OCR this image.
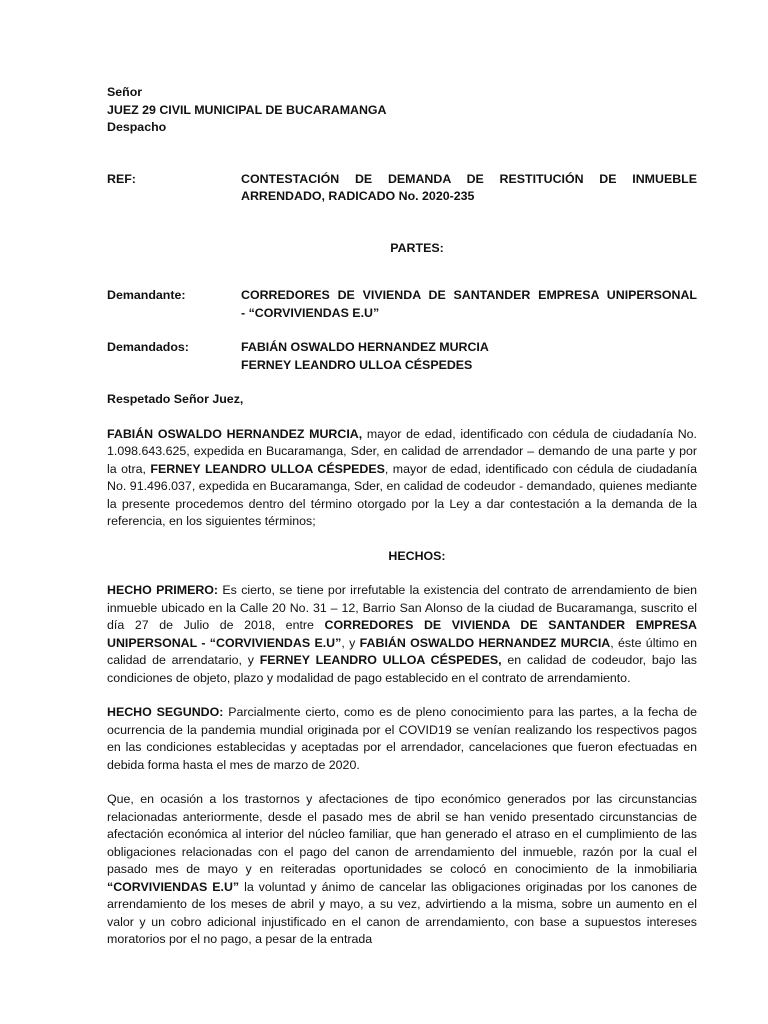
Señor
JUEZ 29 CIVIL MUNICIPAL DE BUCARAMANGA
Despacho
REF:	CONTESTACIÓN DE DEMANDA DE RESTITUCIÓN DE INMUEBLE
ARRENDADO, RADICADO No. 2020-235
PARTES:
Demandante:	CORREDORES DE VIVIENDA DE SANTANDER EMPRESA UNIPERSONAL
- “CORVIVIENDAS E.U”
Demandados:	FABIÁN OSWALDO HERNANDEZ MURCIA
FERNEY LEANDRO ULLOA CÉSPEDES
Respetado Señor Juez,

FABIÁN OSWALDO HERNANDEZ MURCIA, mayor de edad, identificado con cédula de ciudadanía No. 1.098.643.625, expedida en Bucaramanga, Sder, en calidad de arrendador – demando de una parte y por la otra, FERNEY LEANDRO ULLOA CÉSPEDES, mayor de edad, identificado con cédula de ciudadanía No. 91.496.037, expedida en Bucaramanga, Sder, en calidad de codeudor - demandado, quienes mediante la presente procedemos dentro del término otorgado por la Ley a dar contestación a la demanda de la referencia, en los siguientes términos;

HECHOS:

HECHO PRIMERO: Es cierto, se tiene por irrefutable la existencia del contrato de arrendamiento de bien inmueble ubicado en la Calle 20 No. 31 – 12, Barrio San Alonso de la ciudad de Bucaramanga, suscrito el día 27 de Julio de 2018, entre CORREDORES DE VIVIENDA DE SANTANDER EMPRESA UNIPERSONAL - “CORVIVIENDAS E.U”, y FABIÁN OSWALDO HERNANDEZ MURCIA, éste último en calidad de arrendatario, y FERNEY LEANDRO ULLOA CÉSPEDES, en calidad de codeudor, bajo las condiciones de objeto, plazo y modalidad de pago establecido en el contrato de arrendamiento.

HECHO SEGUNDO: Parcialmente cierto, como es de pleno conocimiento para las partes, a la fecha de ocurrencia de la pandemia mundial originada por el COVID19 se venían realizando los respectivos pagos en las condiciones establecidas y aceptadas por el arrendador, cancelaciones que fueron efectuadas en debida forma hasta el mes de marzo de 2020.

Que, en ocasión a los trastornos y afectaciones de tipo económico generados por las circunstancias relacionadas anteriormente, desde el pasado mes de abril se han venido presentado circunstancias de afectación económica al interior del núcleo familiar, que han generado el atraso en el cumplimiento de las obligaciones relacionadas con el pago del canon de arrendamiento del inmueble, razón por la cual el pasado mes de mayo y en reiteradas oportunidades se colocó en conocimiento de la inmobiliaria “CORVIVIENDAS E.U” la voluntad y ánimo de cancelar las obligaciones originadas por los canones de arrendamiento de los meses de abril y mayo, a su vez, advirtiendo a la misma, sobre un aumento en el valor y un cobro adicional injustificado en el canon de arrendamiento, con base a supuestos intereses moratorios por el no pago, a pesar de la entrada
